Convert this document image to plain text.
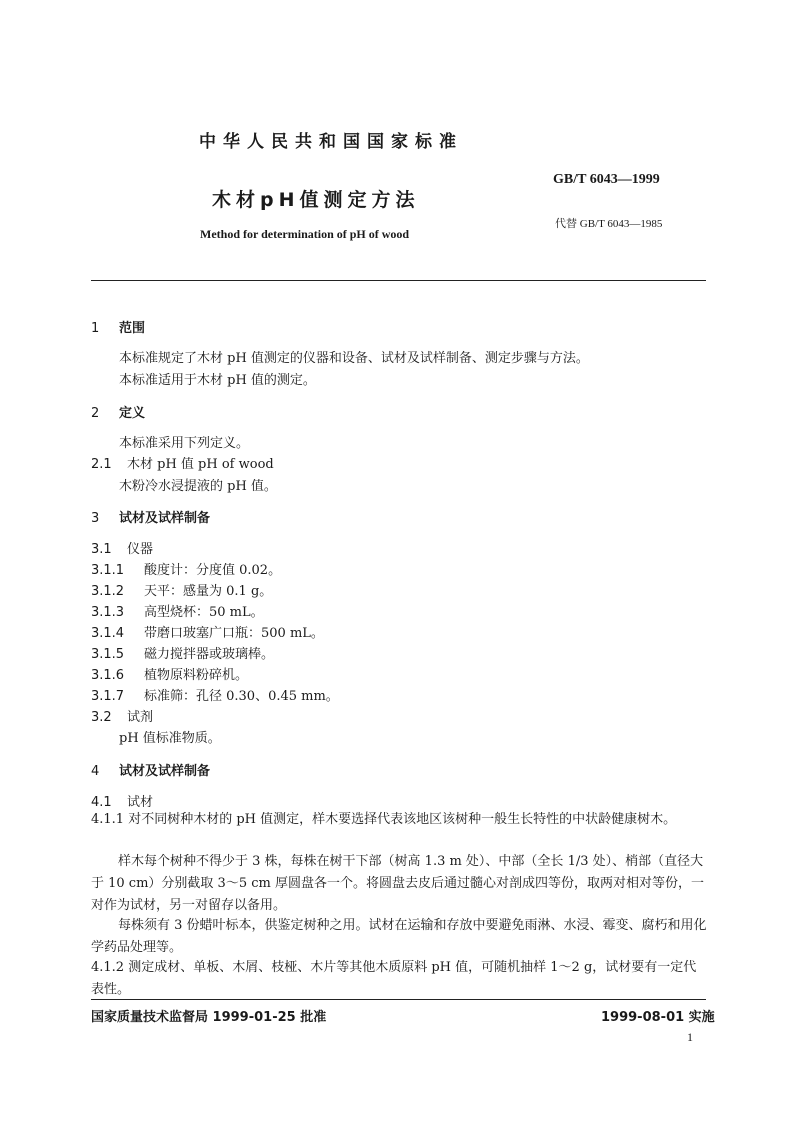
中华人民共和国国家标准
木材pH值测定方法
GB/T 6043—1999
代替 GB/T 6043—1985
Method for determination of pH of wood
1 范围
本标准规定了木材 pH 值测定的仪器和设备、试材及试样制备、测定步骤与方法。
本标准适用于木材 pH 值的测定。
2 定义
本标准采用下列定义。
2.1 木材 pH 值 pH of wood
木粉冷水浸提液的 pH 值。
3 试材及试样制备
3.1 仪器
3.1.1 酸度计：分度值 0.02。
3.1.2 天平：感量为 0.1 g。
3.1.3 高型烧杯：50 mL。
3.1.4 带磨口玻塞广口瓶：500 mL。
3.1.5 磁力搅拌器或玻璃棒。
3.1.6 植物原料粉碎机。
3.1.7 标准筛：孔径 0.30、0.45 mm。
3.2 试剂
pH 值标准物质。
4 试材及试样制备
4.1 试材
4.1.1 对不同树种木材的 pH 值测定，样木要选择代表该地区该树种一般生长特性的中状龄健康树木。
样木每个树种不得少于 3 株，每株在树干下部（树高 1.3 m 处）、中部（全长 1/3 处）、梢部（直径大于 10 cm）分别截取 3～5 cm 厚圆盘各一个。将圆盘去皮后通过髓心对剖成四等份，取两对相对等份，一对作为试材，另一对留存以备用。
每株须有 3 份蜡叶标本，供鉴定树种之用。试材在运输和存放中要避免雨淋、水浸、霉变、腐朽和用化学药品处理等。
4.1.2 测定成材、单板、木屑、枝桠、木片等其他木质原料 pH 值，可随机抽样 1～2 g，试材要有一定代表性。
国家质量技术监督局 1999-01-25 批准	1999-08-01 实施
1
